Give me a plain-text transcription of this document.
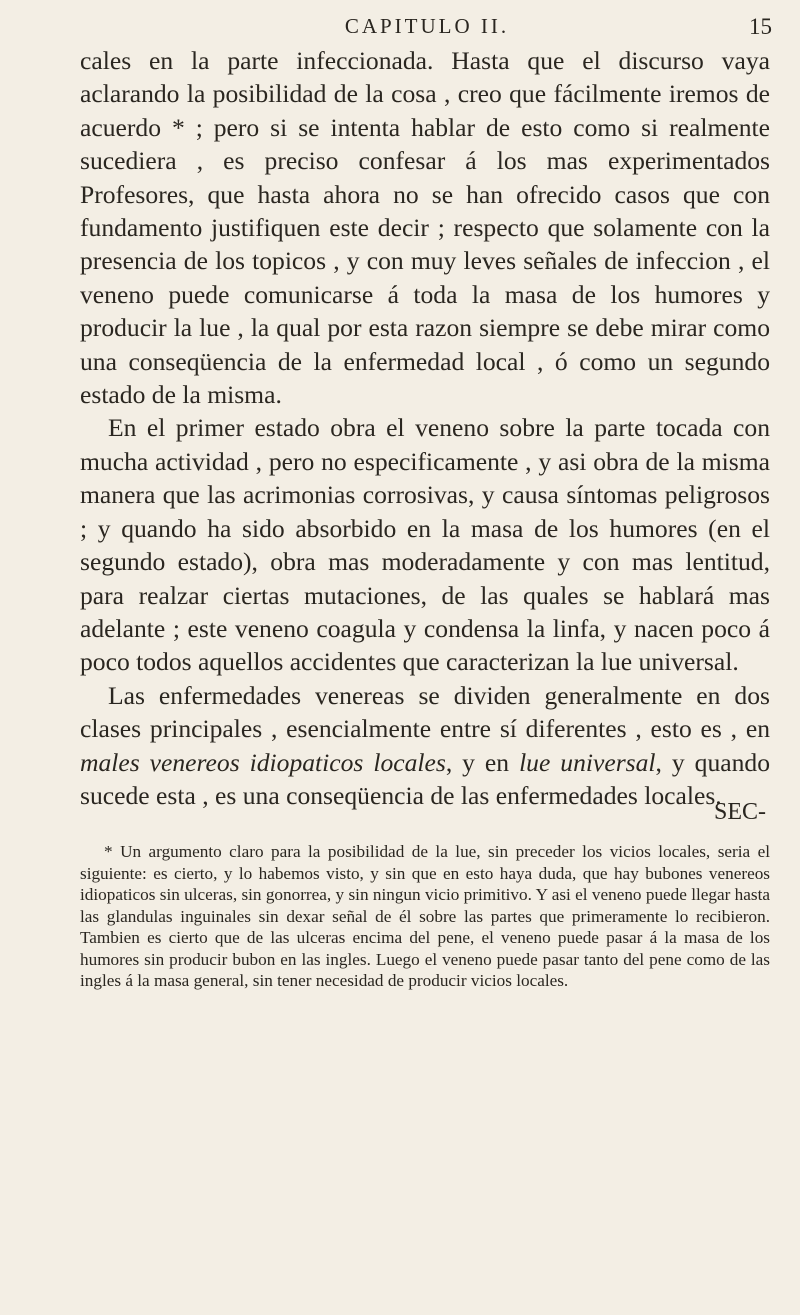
CAPITULO II.	15

cales en la parte infeccionada. Hasta que el discurso vaya aclarando la posibilidad de la cosa , creo que fácilmente iremos de acuerdo * ; pero si se intenta hablar de esto como si realmente sucediera , es preciso confesar á los mas experimentados Profesores, que hasta ahora no se han ofrecido casos que con fundamento justifiquen este decir ; respecto que solamente con la presencia de los topicos , y con muy leves señales de infeccion , el veneno puede comunicarse á toda la masa de los humores y producir la lue , la qual por esta razon siempre se debe mirar como una conseqüencia de la enfermedad local , ó como un segundo estado de la misma.

En el primer estado obra el veneno sobre la parte tocada con mucha actividad , pero no especificamente , y asi obra de la misma manera que las acrimonias corrosivas, y causa síntomas peligrosos ; y quando ha sido absorbido en la masa de los humores (en el segundo estado), obra mas moderadamente y con mas lentitud, para realzar ciertas mutaciones, de las quales se hablará mas adelante ; este veneno coagula y condensa la linfa, y nacen poco á poco todos aquellos accidentes que caracterizan la lue universal.

Las enfermedades venereas se dividen generalmente en dos clases principales , esencialmente entre sí diferentes , esto es , en males venereos idiopaticos locales, y en lue universal, y quando sucede esta , es una conseqüencia de las enfermedades locales.

SEC-
* Un argumento claro para la posibilidad de la lue, sin preceder los vicios locales, seria el siguiente: es cierto, y lo habemos visto, y sin que en esto haya duda, que hay bubones venereos idiopaticos sin ulceras, sin gonorrea, y sin ningun vicio primitivo. Y asi el veneno puede llegar hasta las glandulas inguinales sin dexar señal de él sobre las partes que primeramente lo recibieron. Tambien es cierto que de las ulceras encima del pene, el veneno puede pasar á la masa de los humores sin producir bubon en las ingles. Luego el veneno puede pasar tanto del pene como de las ingles á la masa general, sin tener necesidad de producir vicios locales.
